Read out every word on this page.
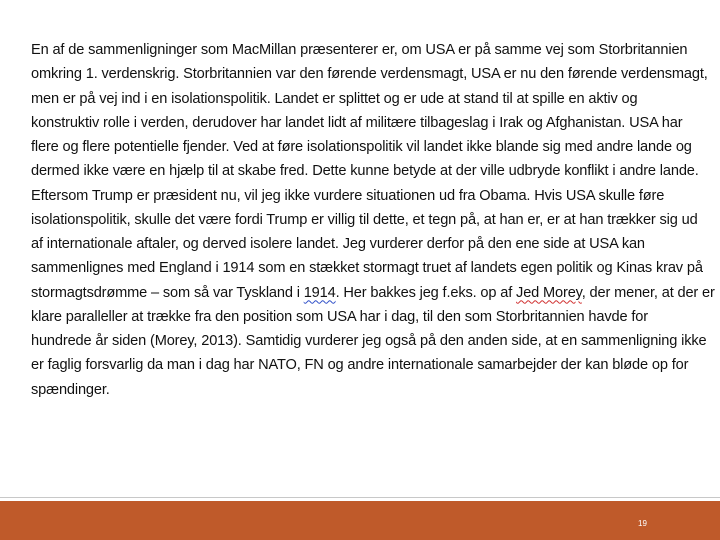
En af de sammenligninger som MacMillan præsenterer er, om USA er på samme vej som Storbritannien
omkring 1. verdenskrig. Storbritannien var den førende verdensmagt, USA er nu den førende verdensmagt,
men er på vej ind i en isolationspolitik. Landet er splittet og er ude at stand til at spille en aktiv og
konstruktiv rolle i verden, derudover har landet lidt af militære tilbageslag i Irak og Afghanistan. USA har
flere og flere potentielle fjender. Ved at føre isolationspolitik vil landet ikke blande sig med andre lande og
dermed ikke være en hjælp til at skabe fred. Dette kunne betyde at der ville udbryde konflikt i andre lande.
Eftersom Trump er præsident nu, vil jeg ikke vurdere situationen ud fra Obama. Hvis USA skulle føre
isolationspolitik, skulle det være fordi Trump er villig til dette, et tegn på, at han er, er at han trækker sig ud
af internationale aftaler, og derved isolere landet. Jeg vurderer derfor på den ene side at USA kan
sammenlignes med England i 1914 som en stækket stormagt truet af landets egen politik og Kinas krav på
stormagtsdrømme – som så var Tyskland i 1914. Her bakkes jeg f.eks. op af Jed Morey, der mener, at der er
klare paralleller at trække fra den position som USA har i dag, til den som Storbritannien havde for
hundrede år siden (Morey, 2013). Samtidig vurderer jeg også på den anden side, at en sammenligning ikke
er faglig forsvarlig da man i dag har NATO, FN og andre internationale samarbejder der kan bløde op for
spændinger.
19
